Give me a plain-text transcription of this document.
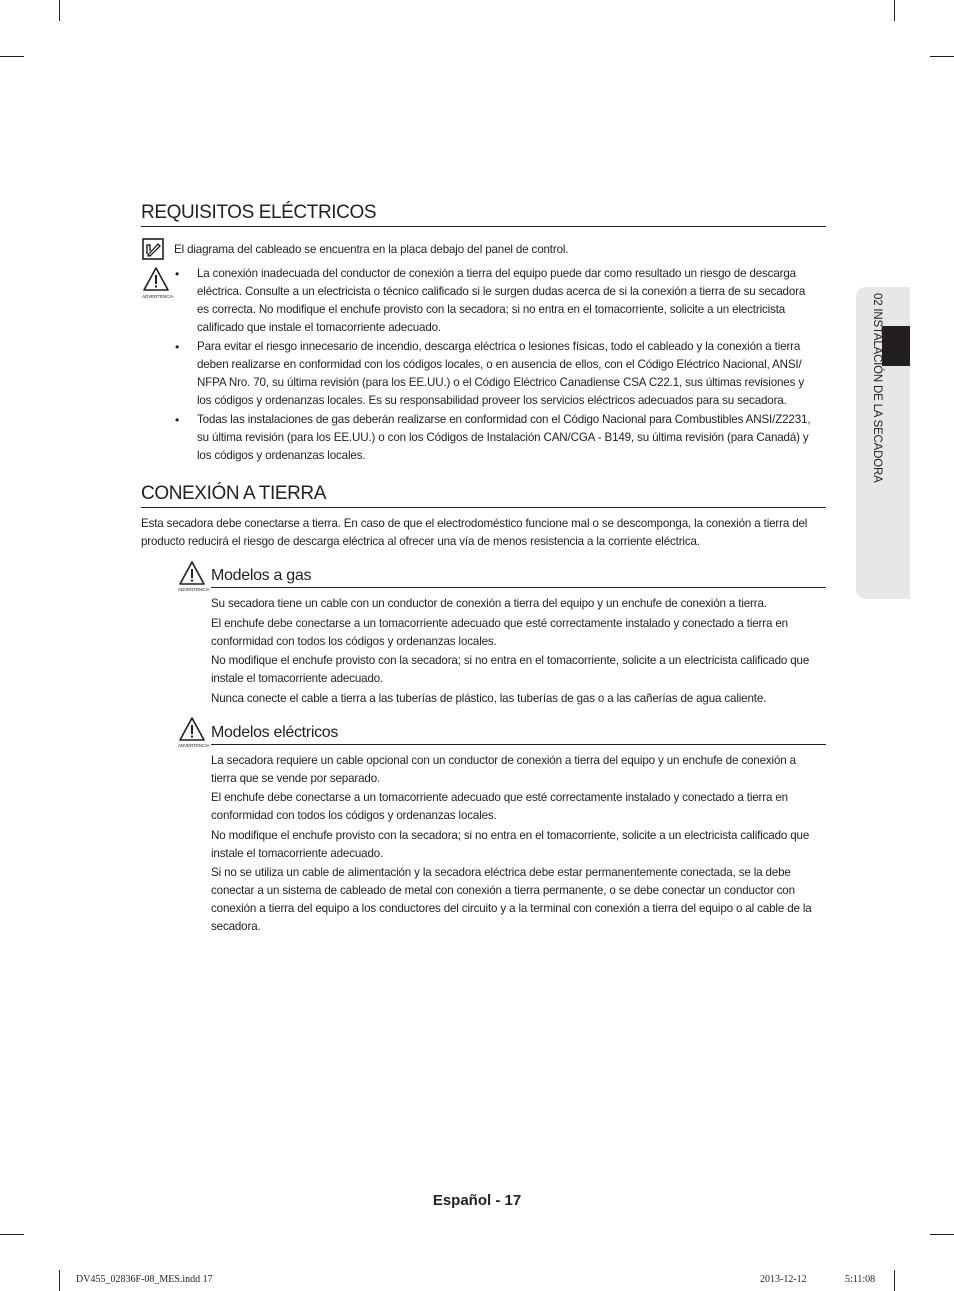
REQUISITOS ELÉCTRICOS
El diagrama del cableado se encuentra en la placa debajo del panel de control.
ADVERTENCIA
• La conexión inadecuada del conductor de conexión a tierra del equipo puede dar como resultado un riesgo de descarga
eléctrica. Consulte a un electricista o técnico calificado si le surgen dudas acerca de si la conexión a tierra de su secadora
es correcta. No modifique el enchufe provisto con la secadora; si no entra en el tomacorriente, solicite a un electricista
calificado que instale el tomacorriente adecuado.
• Para evitar el riesgo innecesario de incendio, descarga eléctrica o lesiones físicas, todo el cableado y la conexión a tierra
deben realizarse en conformidad con los códigos locales, o en ausencia de ellos, con el Código Eléctrico Nacional, ANSI/
NFPA Nro. 70, su última revisión (para los EE.UU.) o el Código Eléctrico Canadiense CSA C22.1, sus últimas revisiones y
los códigos y ordenanzas locales. Es su responsabilidad proveer los servicios eléctricos adecuados para su secadora.
• Todas las instalaciones de gas deberán realizarse en conformidad con el Código Nacional para Combustibles ANSI/Z2231,
su última revisión (para los EE.UU.) o con los Códigos de Instalación CAN/CGA - B149, su última revisión (para Canadá) y
los códigos y ordenanzas locales.
CONEXIÓN A TIERRA
Esta secadora debe conectarse a tierra. En caso de que el electrodoméstico funcione mal o se descomponga, la conexión a tierra del
producto reducirá el riesgo de descarga eléctrica al ofrecer una vía de menos resistencia a la corriente eléctrica.
ADVERTENCIA
Modelos a gas
Su secadora tiene un cable con un conductor de conexión a tierra del equipo y un enchufe de conexión a tierra.
El enchufe debe conectarse a un tomacorriente adecuado que esté correctamente instalado y conectado a tierra en
conformidad con todos los códigos y ordenanzas locales.
No modifique el enchufe provisto con la secadora; si no entra en el tomacorriente, solicite a un electricista calificado que
instale el tomacorriente adecuado.
Nunca conecte el cable a tierra a las tuberías de plástico, las tuberías de gas o a las cañerías de agua caliente.
ADVERTENCIA
Modelos eléctricos
La secadora requiere un cable opcional con un conductor de conexión a tierra del equipo y un enchufe de conexión a
tierra que se vende por separado.
El enchufe debe conectarse a un tomacorriente adecuado que esté correctamente instalado y conectado a tierra en
conformidad con todos los códigos y ordenanzas locales.
No modifique el enchufe provisto con la secadora; si no entra en el tomacorriente, solicite a un electricista calificado que
instale el tomacorriente adecuado.
Si no se utiliza un cable de alimentación y la secadora eléctrica debe estar permanentemente conectada, se la debe
conectar a un sistema de cableado de metal con conexión a tierra permanente, o se debe conectar un conductor con
conexión a tierra del equipo a los conductores del circuito y a la terminal con conexión a tierra del equipo o al cable de la
secadora.
02 INSTALACIÓN DE LA SECADORA
Español - 17
DV455_02836F-08_MES.indd 17	2013-12-12	5:11:08
